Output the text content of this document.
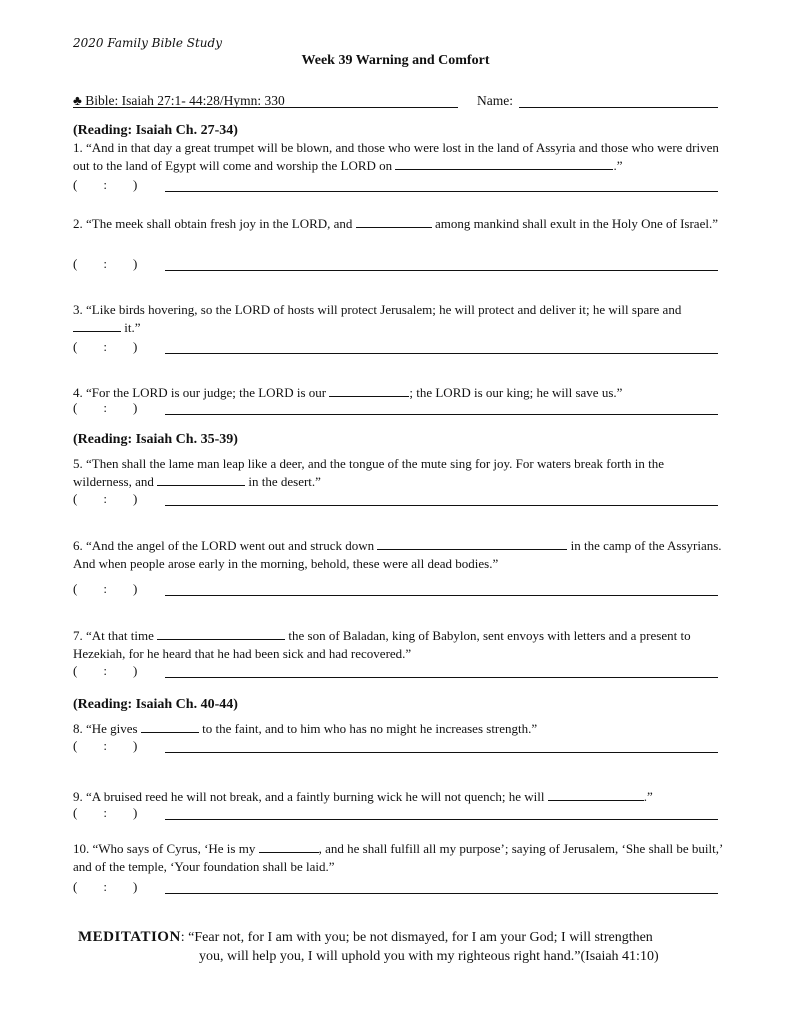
2020 Family Bible Study
Week 39 Warning and Comfort
♣ Bible: Isaiah 27:1- 44:28/Hymn: 330	Name:
(Reading: Isaiah Ch. 27-34)
1. “And in that day a great trumpet will be blown, and those who were lost in the land of Assyria and those who were driven out to the land of Egypt will come and worship the LORD on	.”
(        :        )
2. “The meek shall obtain fresh joy in the LORD, and	among mankind shall exult in the Holy One of Israel.”
(        :        )
3. “Like birds hovering, so the LORD of hosts will protect Jerusalem; he will protect and deliver it; he will spare and  it.”
(        :        )
4. “For the LORD is our judge; the LORD is our	; the LORD is our king; he will save us.”
(        :        )
(Reading: Isaiah Ch. 35-39)
5. “Then shall the lame man leap like a deer, and the tongue of the mute sing for joy. For waters break forth in the wilderness, and	in the desert.”
(        :        )
6. “And the angel of the LORD went out and struck down	in the camp of the Assyrians. And when people arose early in the morning, behold, these were all dead bodies.”
(        :        )
7. “At that time	the son of Baladan, king of Babylon, sent envoys with letters and a present to Hezekiah, for he heard that he had been sick and had recovered.”
(        :        )
(Reading: Isaiah Ch. 40-44)
8. “He gives	to the faint, and to him who has no might he increases strength.”
(        :        )
9. “A bruised reed he will not break, and a faintly burning wick he will not quench; he will	.”
(        :        )
10. “Who says of Cyrus, ‘He is my	, and he shall fulfill all my purpose’; saying of Jerusalem, ‘She shall be built,’ and of the temple, ‘Your foundation shall be laid.”
(        :        )
MEDITATION: “Fear not, for I am with you; be not dismayed, for I am your God; I will strengthen
you, will help you, I will uphold you with my righteous right hand.”(Isaiah 41:10)
